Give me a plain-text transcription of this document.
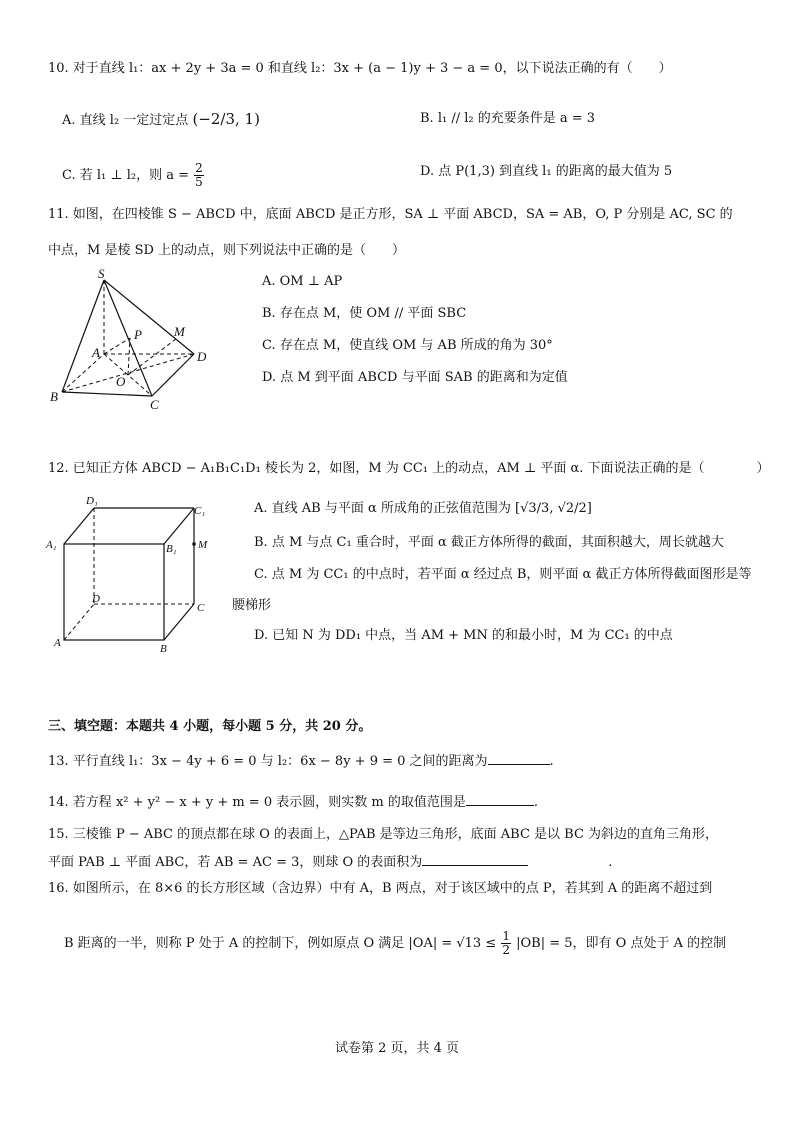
10. 对于直线 l₁：ax + 2y + 3a = 0 和直线 l₂：3x + (a − 1)y + 3 − a = 0，以下说法正确的有（　　）
A. 直线 l₂ 一定过定点 (−2/3, 1)	B. l₁ // l₂ 的充要条件是 a = 3
C. 若 l₁ ⊥ l₂，则 $a = \frac{2}{5}$	D. 点 P(1,3) 到直线 l₁ 的距离的最大值为 5
11. 如图，在四棱锥 S − ABCD 中，底面 ABCD 是正方形，SA ⊥ 平面 ABCD，SA = AB，O, P 分别是 AC, SC 的
中点，M 是棱 SD 上的动点，则下列说法中正确的是（　　）
S
P M
A	D
O
B
C
A. OM ⊥ AP
B. 存在点 M，使 OM // 平面 SBC
C. 存在点 M，使直线 OM 与 AB 所成的角为 30°
D. 点 M 到平面 ABCD 与平面 SAB 的距离和为定值
12. 已知正方体 ABCD − A₁B₁C₁D₁ 棱长为 2，如图，M 为 CC₁ 上的动点，AM ⊥ 平面 α. 下面说法正确的是（　　　　）
D₁
C₁
A₁	B₁ M
D
C
A	B
A. 直线 AB 与平面 α 所成角的正弦值范围为 [√3/3, √2/2]
B. 点 M 与点 C₁ 重合时，平面 α 截正方体所得的截面，其面积越大，周长就越大
C. 点 M 为 CC₁ 的中点时，若平面 α 经过点 B，则平面 α 截正方体所得截面图形是等
腰梯形
D. 已知 N 为 DD₁ 中点，当 AM + MN 的和最小时，M 为 CC₁ 的中点
三、填空题：本题共 4 小题，每小题 5 分，共 20 分。
13. 平行直线 l₁：3x − 4y + 6 = 0 与 l₂：6x − 8y + 9 = 0 之间的距离为	.
14. 若方程 x² + y² − x + y + m = 0 表示圆，则实数 m 的取值范围是	.
15. 三棱锥 P − ABC 的顶点都在球 O 的表面上，△PAB 是等边三角形，底面 ABC 是以 BC 为斜边的直角三角形，
平面 PAB ⊥ 平面 ABC，若 AB = AC = 3，则球 O 的表面积为	.
16. 如图所示，在 8×6 的长方形区域（含边界）中有 A，B 两点，对于该区域中的点 P，若其到 A 的距离不超过到
B 距离的一半，则称 P 处于 A 的控制下，例如原点 O 满足 $|OA| = √13 \le \frac{1}{2} |OB| = 5$，即有 O 点处于 A 的控制
试卷第 2 页，共 4 页
